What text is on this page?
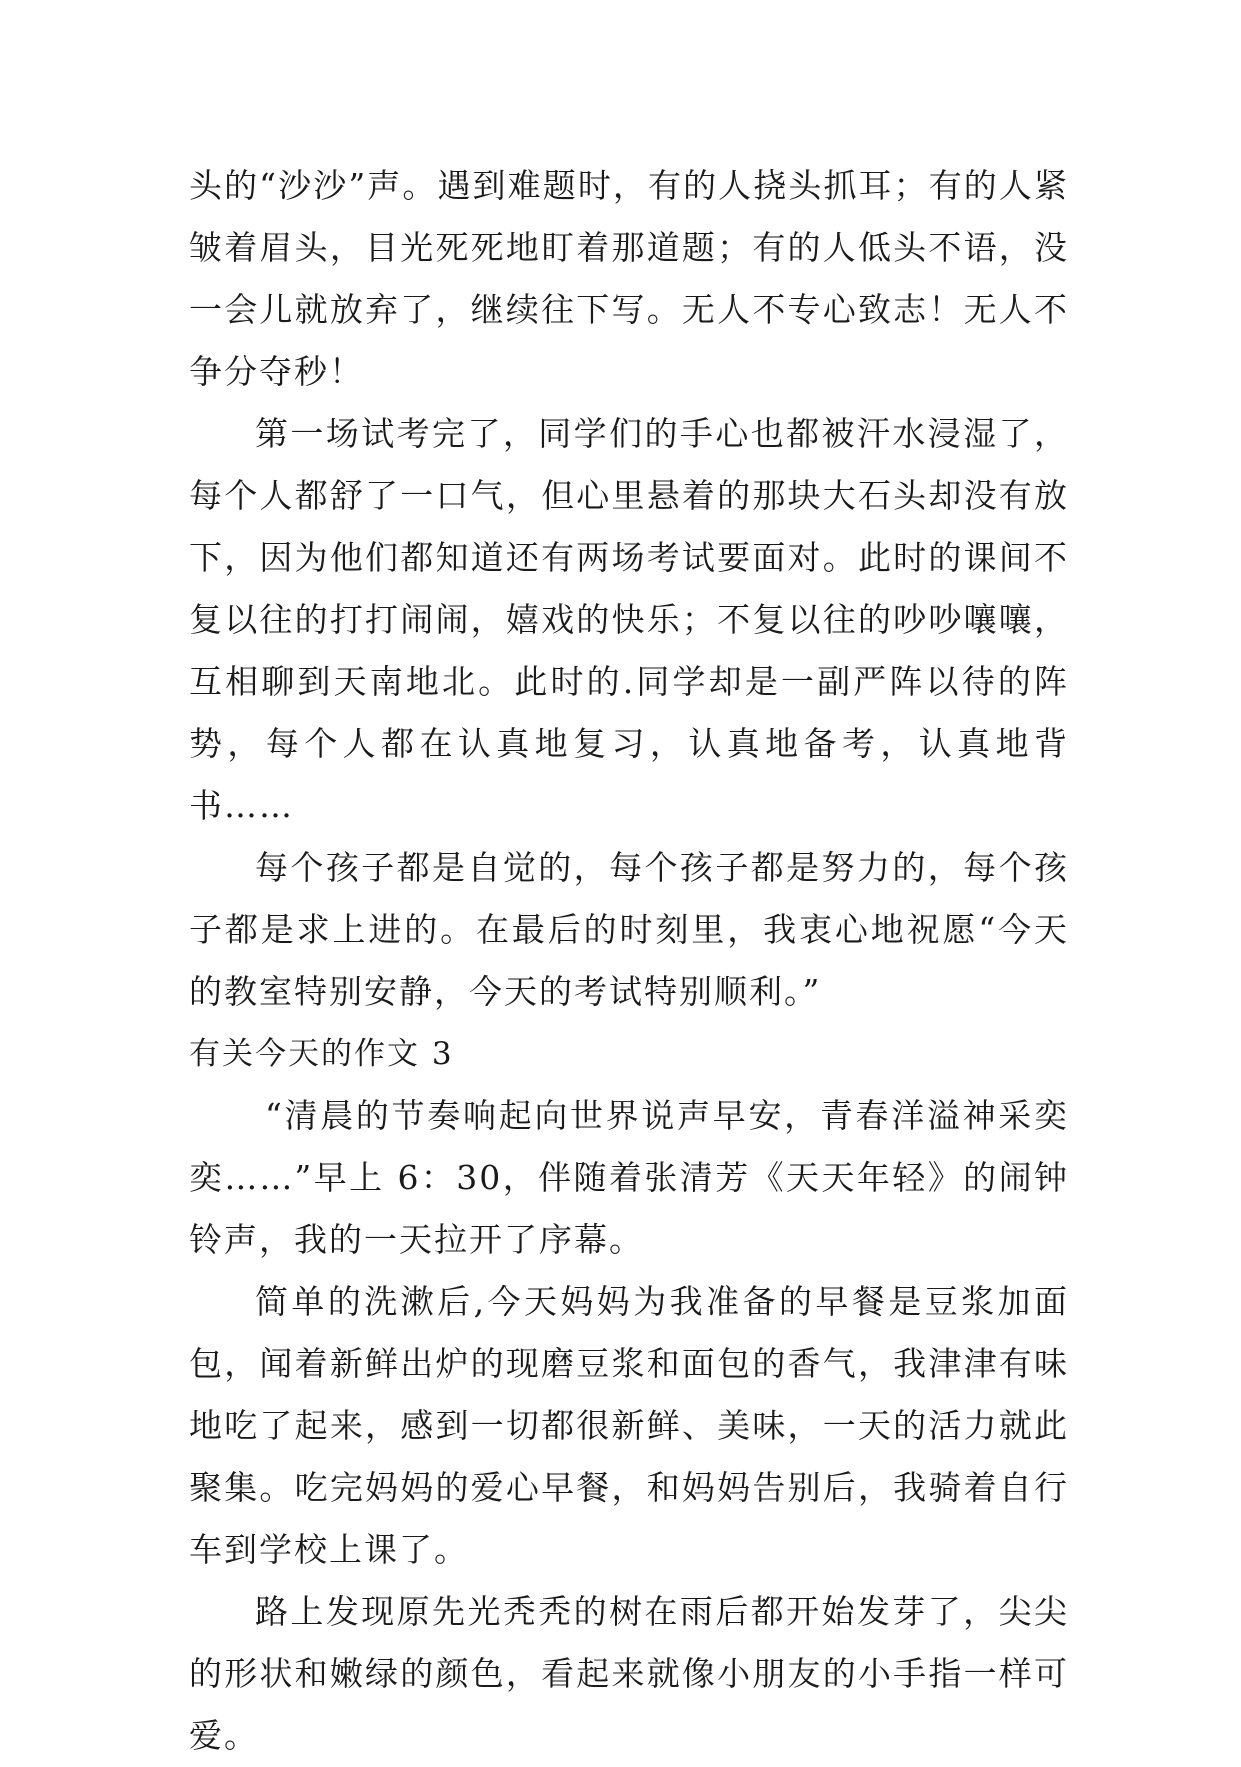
头的“沙沙”声。遇到难题时，有的人挠头抓耳；有的人紧皱着眉头，目光死死地盯着那道题；有的人低头不语，没一会儿就放弃了，继续往下写。无人不专心致志！无人不争分夺秒！

第一场试考完了，同学们的手心也都被汗水浸湿了，每个人都舒了一口气，但心里悬着的那块大石头却没有放下，因为他们都知道还有两场考试要面对。此时的课间不复以往的打打闹闹，嬉戏的快乐；不复以往的吵吵嚷嚷，互相聊到天南地北。此时的.同学却是一副严阵以待的阵势，每个人都在认真地复习，认真地备考，认真地背书……

每个孩子都是自觉的，每个孩子都是努力的，每个孩子都是求上进的。在最后的时刻里，我衷心地祝愿“今天的教室特别安静，今天的考试特别顺利。”

有关今天的作文 3

“清晨的节奏响起向世界说声早安，青春洋溢神采奕奕……”早上 6：30，伴随着张清芳《天天年轻》的闹钟铃声，我的一天拉开了序幕。

简单的洗漱后,今天妈妈为我准备的早餐是豆浆加面包，闻着新鲜出炉的现磨豆浆和面包的香气，我津津有味地吃了起来，感到一切都很新鲜、美味，一天的活力就此聚集。吃完妈妈的爱心早餐，和妈妈告别后，我骑着自行车到学校上课了。

路上发现原先光秃秃的树在雨后都开始发芽了，尖尖的形状和嫩绿的颜色，看起来就像小朋友的小手指一样可爱。
